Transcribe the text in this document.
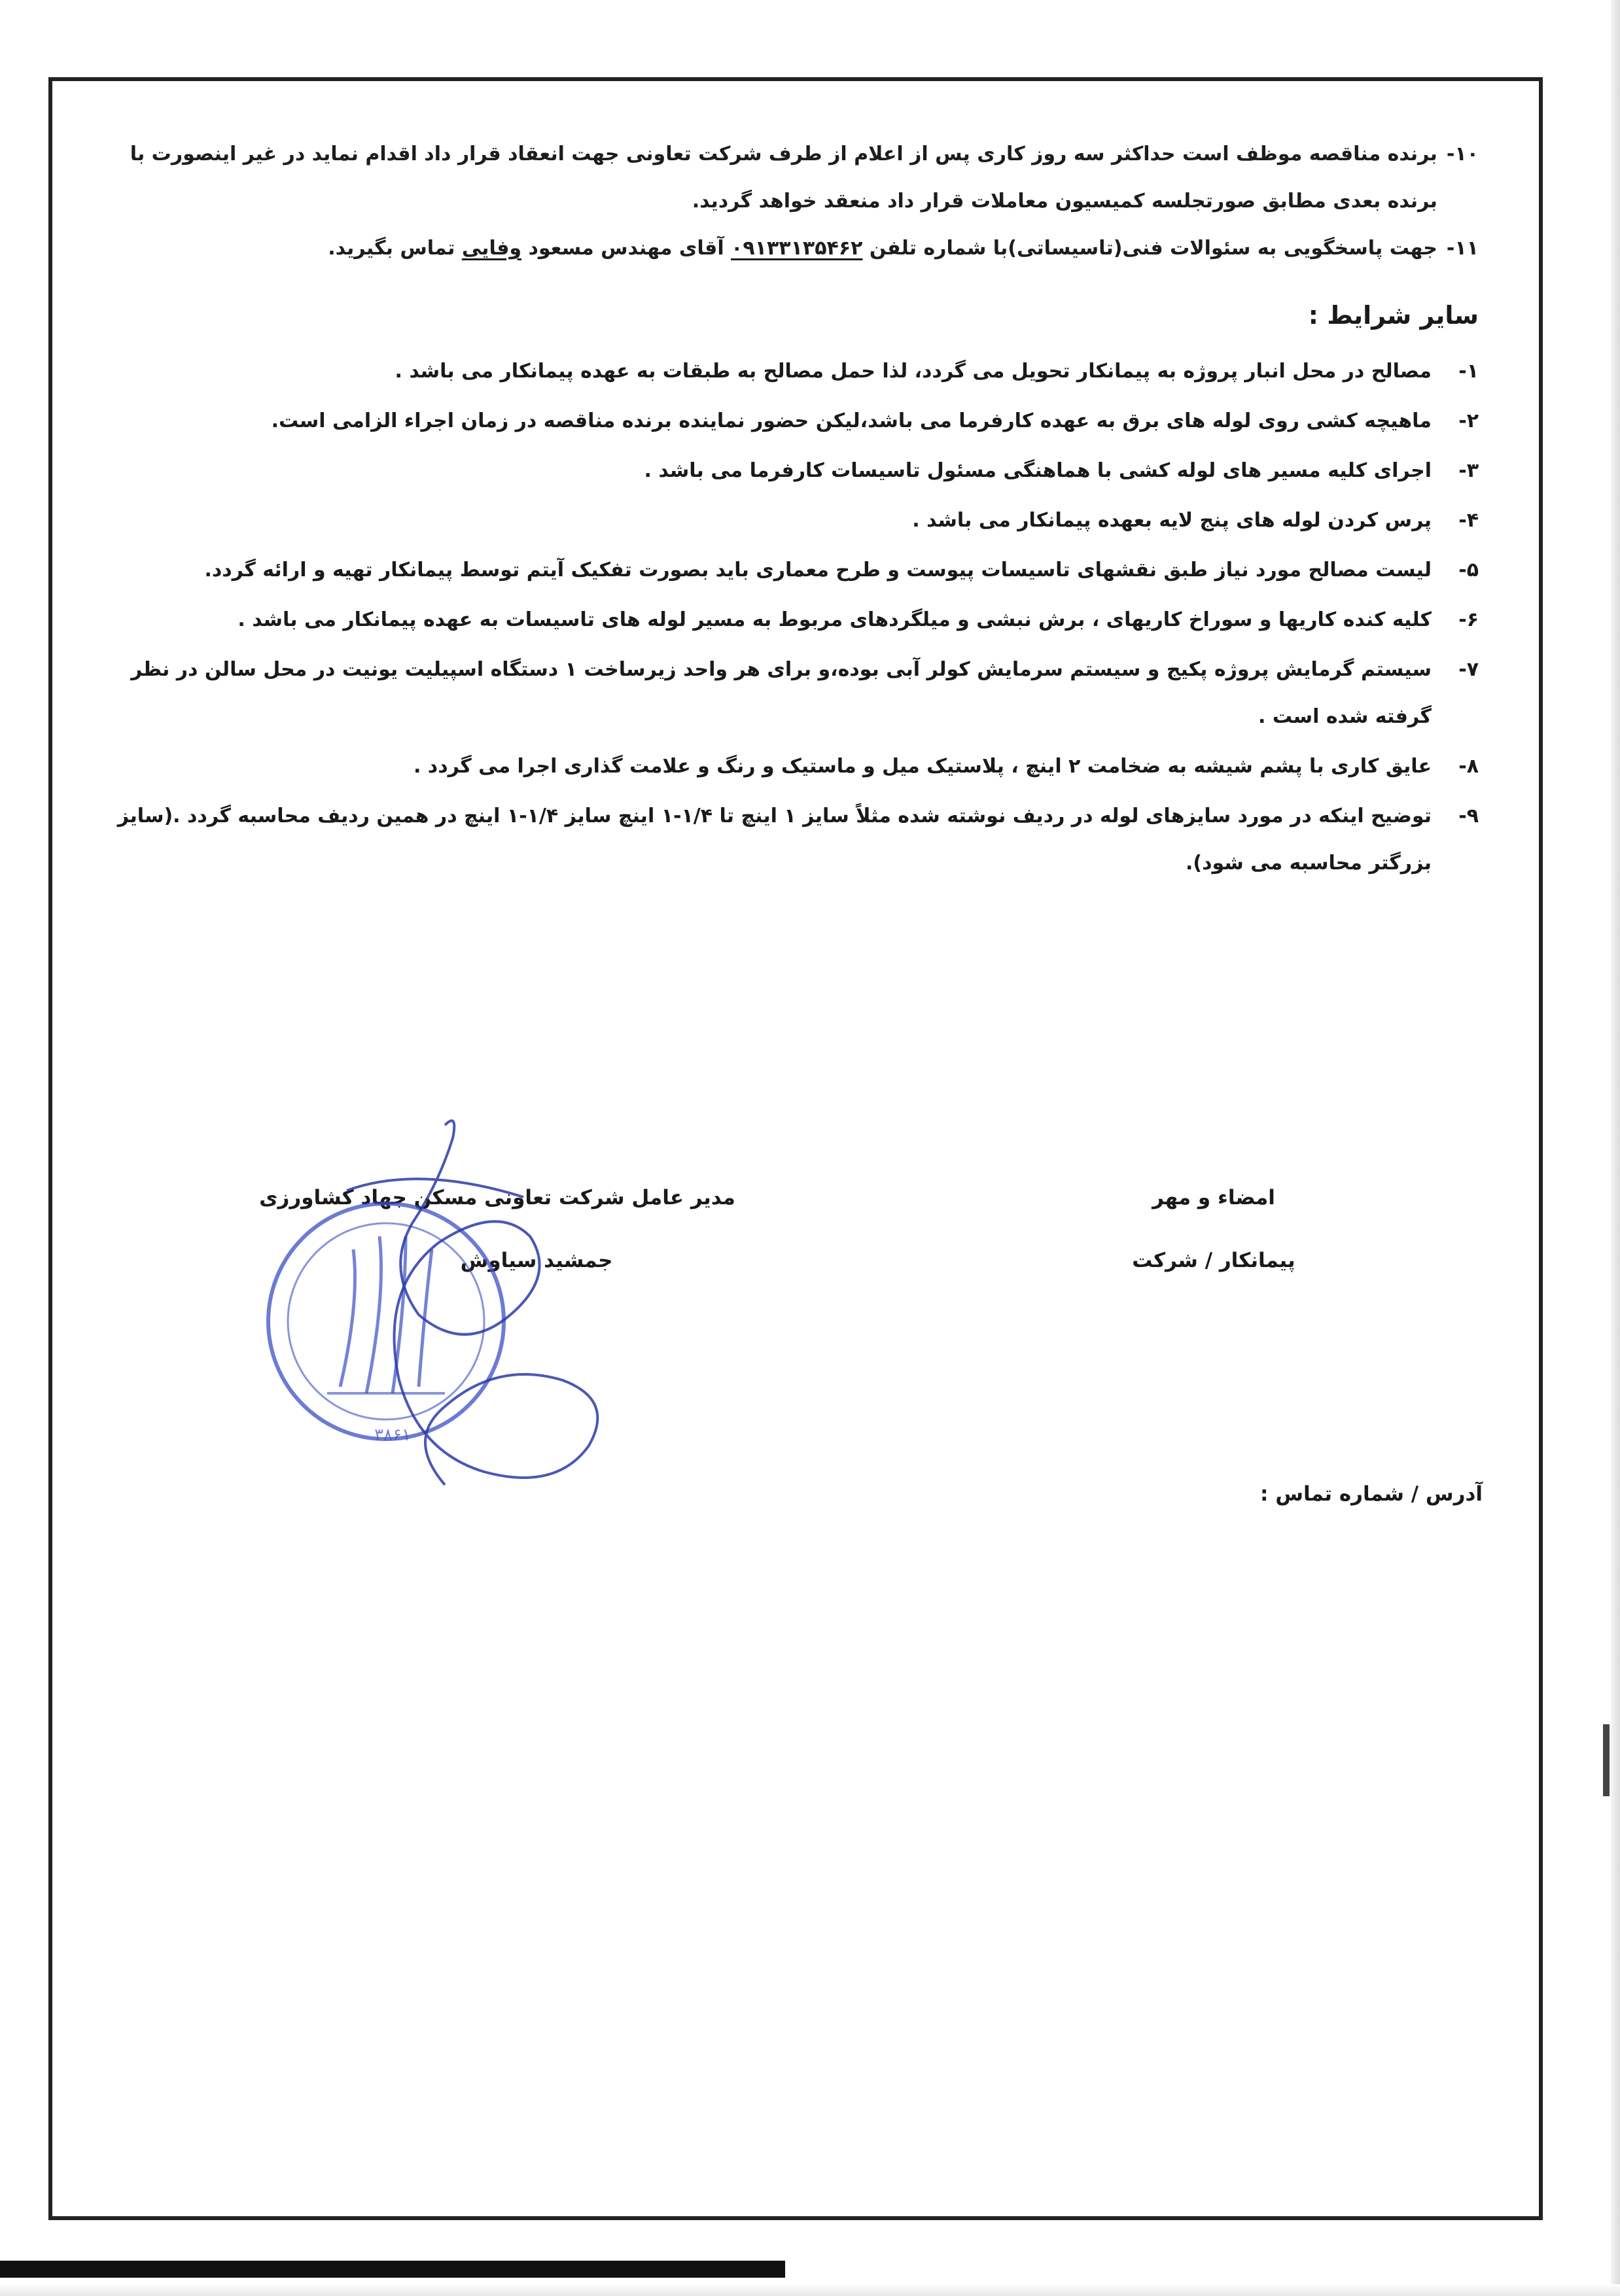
۱۰-
برنده مناقصه موظف است حداکثر سه روز کاری پس از اعلام از طرف شرکت تعاونی جهت انعقاد قرار داد اقدام نماید در غیر اینصورت با برنده بعدی مطابق صورتجلسه کمیسیون معاملات قرار داد منعقد خواهد گردید.
۱۱-
جهت پاسخگویی به سئوالات فنی(تاسیساتی)با شماره تلفن ۰۹۱۳۳۱۳۵۴۶۲ آقای مهندس مسعود وفایی تماس بگیرید.
سایر شرایط :
۱-
مصالح در محل انبار پروژه به پیمانکار تحویل می گردد، لذا حمل مصالح به طبقات به عهده پیمانکار می باشد .
۲-
ماهیچه کشی روی لوله های برق به عهده کارفرما می باشد،لیکن حضور نماینده برنده مناقصه در زمان اجراء الزامی است.
۳-
اجرای کلیه مسیر های لوله کشی با هماهنگی مسئول تاسیسات کارفرما می باشد .
۴-
پرس کردن لوله های پنج لایه بعهده پیمانکار می باشد .
۵-
لیست مصالح مورد نیاز طبق نقشهای تاسیسات پیوست و طرح معماری باید بصورت تفکیک آیتم توسط پیمانکار تهیه و ارائه گردد.
۶-
کلیه کنده کاریها و سوراخ کاریهای ، برش نبشی و میلگردهای مربوط به مسیر لوله های تاسیسات به عهده پیمانکار می باشد .
۷-
سیستم گرمایش پروژه پکیج و سیستم سرمایش کولر آبی بوده،و برای هر واحد زیرساخت ۱ دستگاه اسپیلیت یونیت در محل سالن در نظر گرفته شده است .
۸-
عایق کاری با پشم شیشه به ضخامت ۲ اینچ ، پلاستیک میل و ماستیک و رنگ و علامت گذاری اجرا می گردد .
۹-
توضیح اینکه در مورد سایزهای لوله در ردیف نوشته شده مثلاً سایز ۱ اینچ تا ۱/۴-۱ اینچ سایز ۱/۴-۱ اینچ در همین ردیف محاسبه گردد .(سایز بزرگتر محاسبه می شود).
امضاء و مهر
پیمانکار / شرکت
مدیر عامل شرکت تعاونی مسکن جهاد کشاورزی
جمشید سیاوش
۳۸۶۱
آدرس / شماره تماس :
